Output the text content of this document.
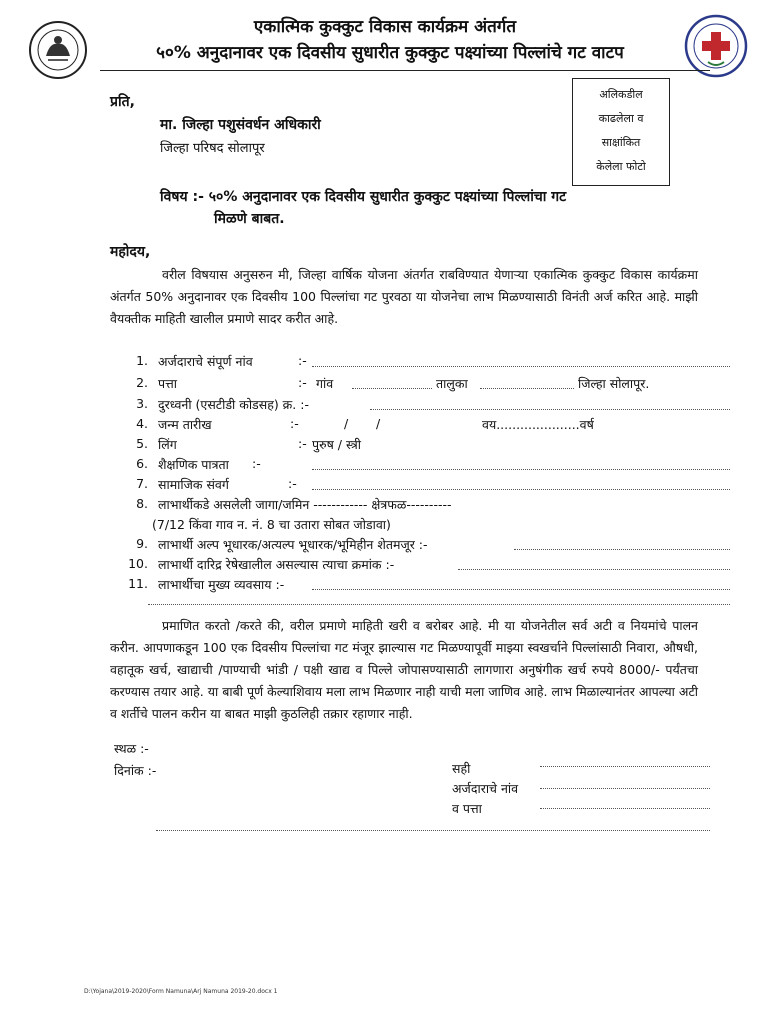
एकात्मिक कुक्कुट विकास कार्यक्रम अंतर्गत
५०% अनुदानावर एक दिवसीय सुधारीत कुक्कुट पक्ष्यांच्या पिल्लांचे गट वाटप
अलिकडील
काढलेला व
साक्षांकित
केलेला फोटो
प्रति,
मा. जिल्हा पशुसंवर्धन अधिकारी
जिल्हा परिषद सोलापूर
विषय :- ५०% अनुदानावर एक दिवसीय सुधारीत कुक्कुट पक्ष्यांच्या पिल्लांचा गट
मिळणे बाबत.
महोदय,
वरील विषयास अनुसरुन मी, जिल्हा वार्षिक योजना अंतर्गत राबविण्यात येणाऱ्या एकात्मिक कुक्कुट विकास कार्यक्रमा अंतर्गत 50% अनुदानावर एक दिवसीय 100 पिल्लांचा गट पुरवठा या योजनेचा लाभ मिळण्यासाठी विनंती अर्ज करित आहे. माझी वैयक्तीक माहिती खालील प्रमाणे सादर करीत आहे.
1. अर्जदाराचे संपूर्ण नांव	:-
2. पत्ता	:- गांव	तालुका	जिल्हा सोलापूर.
3. दुरध्वनी (एसटीडी कोडसह) क्र. :-
4. जन्म तारीख	:-	/ /	वय.....................वर्ष
5. लिंग	:- पुरुष / स्त्री
6. शैक्षणिक पात्रता :-
7. सामाजिक संवर्ग	:-
8. लाभार्थीकडे असलेली जागा/जमिन ------------ क्षेत्रफळ----------
(7/12 किंवा गाव न. नं. 8 चा उतारा सोबत जोडावा)
9. लाभार्थी अल्प भूधारक/अत्यल्प भूधारक/भूमिहीन शेतमजूर :-
10. लाभार्थी दारिद्र रेषेखालील असल्यास त्याचा क्रमांक :-
11. लाभार्थीचा मुख्य व्यवसाय :-
प्रमाणित करतो /करते की, वरील प्रमाणे माहिती खरी व बरोबर आहे. मी या योजनेतील सर्व अटी व नियमांचे पालन करीन. आपणाकडून 100 एक दिवसीय पिल्लांचा गट मंजूर झाल्यास गट मिळण्यापूर्वी माझ्या स्वखर्चाने पिल्लांसाठी निवारा, औषधी, वहातूक खर्च, खाद्याची /पाण्याची भांडी / पक्षी खाद्य व पिल्ले जोपासण्यासाठी लागणारा अनुषंगीक खर्च रुपये 8000/- पर्यंतचा करण्यास तयार आहे. या बाबी पूर्ण केल्याशिवाय मला लाभ मिळणार नाही याची मला जाणिव आहे. लाभ मिळाल्यानंतर आपल्या अटी व शर्तीचे पालन करीन या बाबत माझी कुठलिही तक्रार रहाणार नाही.
स्थळ :-
दिनांक :-	सही
अर्जदाराचे नांव
व पत्ता
D:\Yojana\2019-2020\Form Namuna\Arj Namuna 2019-20.docx 1
